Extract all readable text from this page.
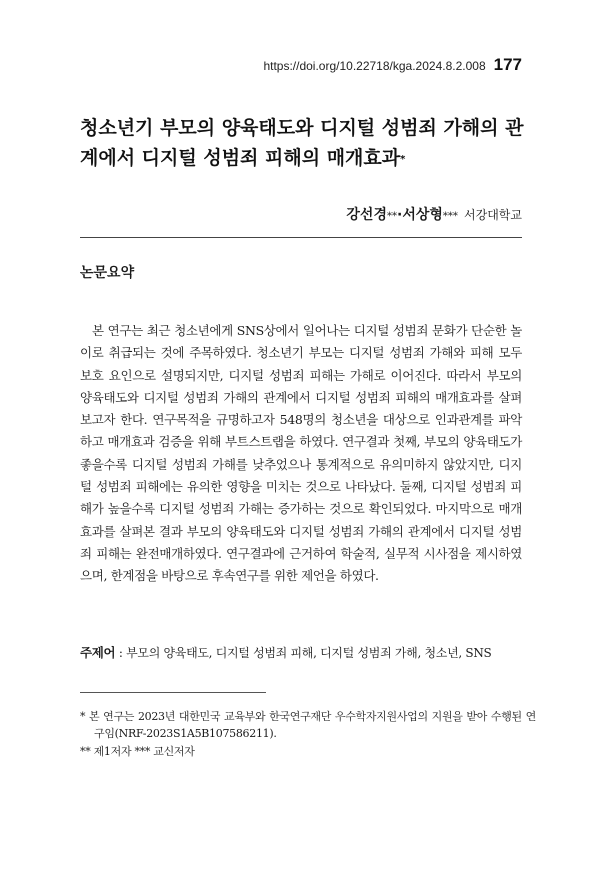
https://doi.org/10.22718/kga.2024.8.2.008 177
청소년기 부모의 양육태도와 디지털 성범죄 가해의 관계에서 디지털 성범죄 피해의 매개효과*
강선경**·서상형*** 서강대학교
논문요약

본 연구는 최근 청소년에게 SNS상에서 일어나는 디지털 성범죄 문화가 단순한 놀이로 취급되는 것에 주목하였다. 청소년기 부모는 디지털 성범죄 가해와 피해 모두 보호 요인으로 설명되지만, 디지털 성범죄 피해는 가해로 이어진다. 따라서 부모의 양육태도와 디지털 성범죄 가해의 관계에서 디지털 성범죄 피해의 매개효과를 살펴보고자 한다. 연구목적을 규명하고자 548명의 청소년을 대상으로 인과관계를 파악하고 매개효과 검증을 위해 부트스트랩을 하였다. 연구결과 첫째, 부모의 양육태도가 좋을수록 디지털 성범죄 가해를 낮추었으나 통계적으로 유의미하지 않았지만, 디지털 성범죄 피해에는 유의한 영향을 미치는 것으로 나타났다. 둘째, 디지털 성범죄 피해가 높을수록 디지털 성범죄 가해는 증가하는 것으로 확인되었다. 마지막으로 매개효과를 살펴본 결과 부모의 양육태도와 디지털 성범죄 가해의 관계에서 디지털 성범죄 피해는 완전매개하였다. 연구결과에 근거하여 학술적, 실무적 시사점을 제시하였으며, 한계점을 바탕으로 후속연구를 위한 제언을 하였다.

주제어 : 부모의 양육태도, 디지털 성범죄 피해, 디지털 성범죄 가해, 청소년, SNS

* 본 연구는 2023년 대한민국 교육부와 한국연구재단 우수학자지원사업의 지원을 받아 수행된 연구임(NRF-2023S1A5B107586211).

** 제1저자 *** 교신저자
